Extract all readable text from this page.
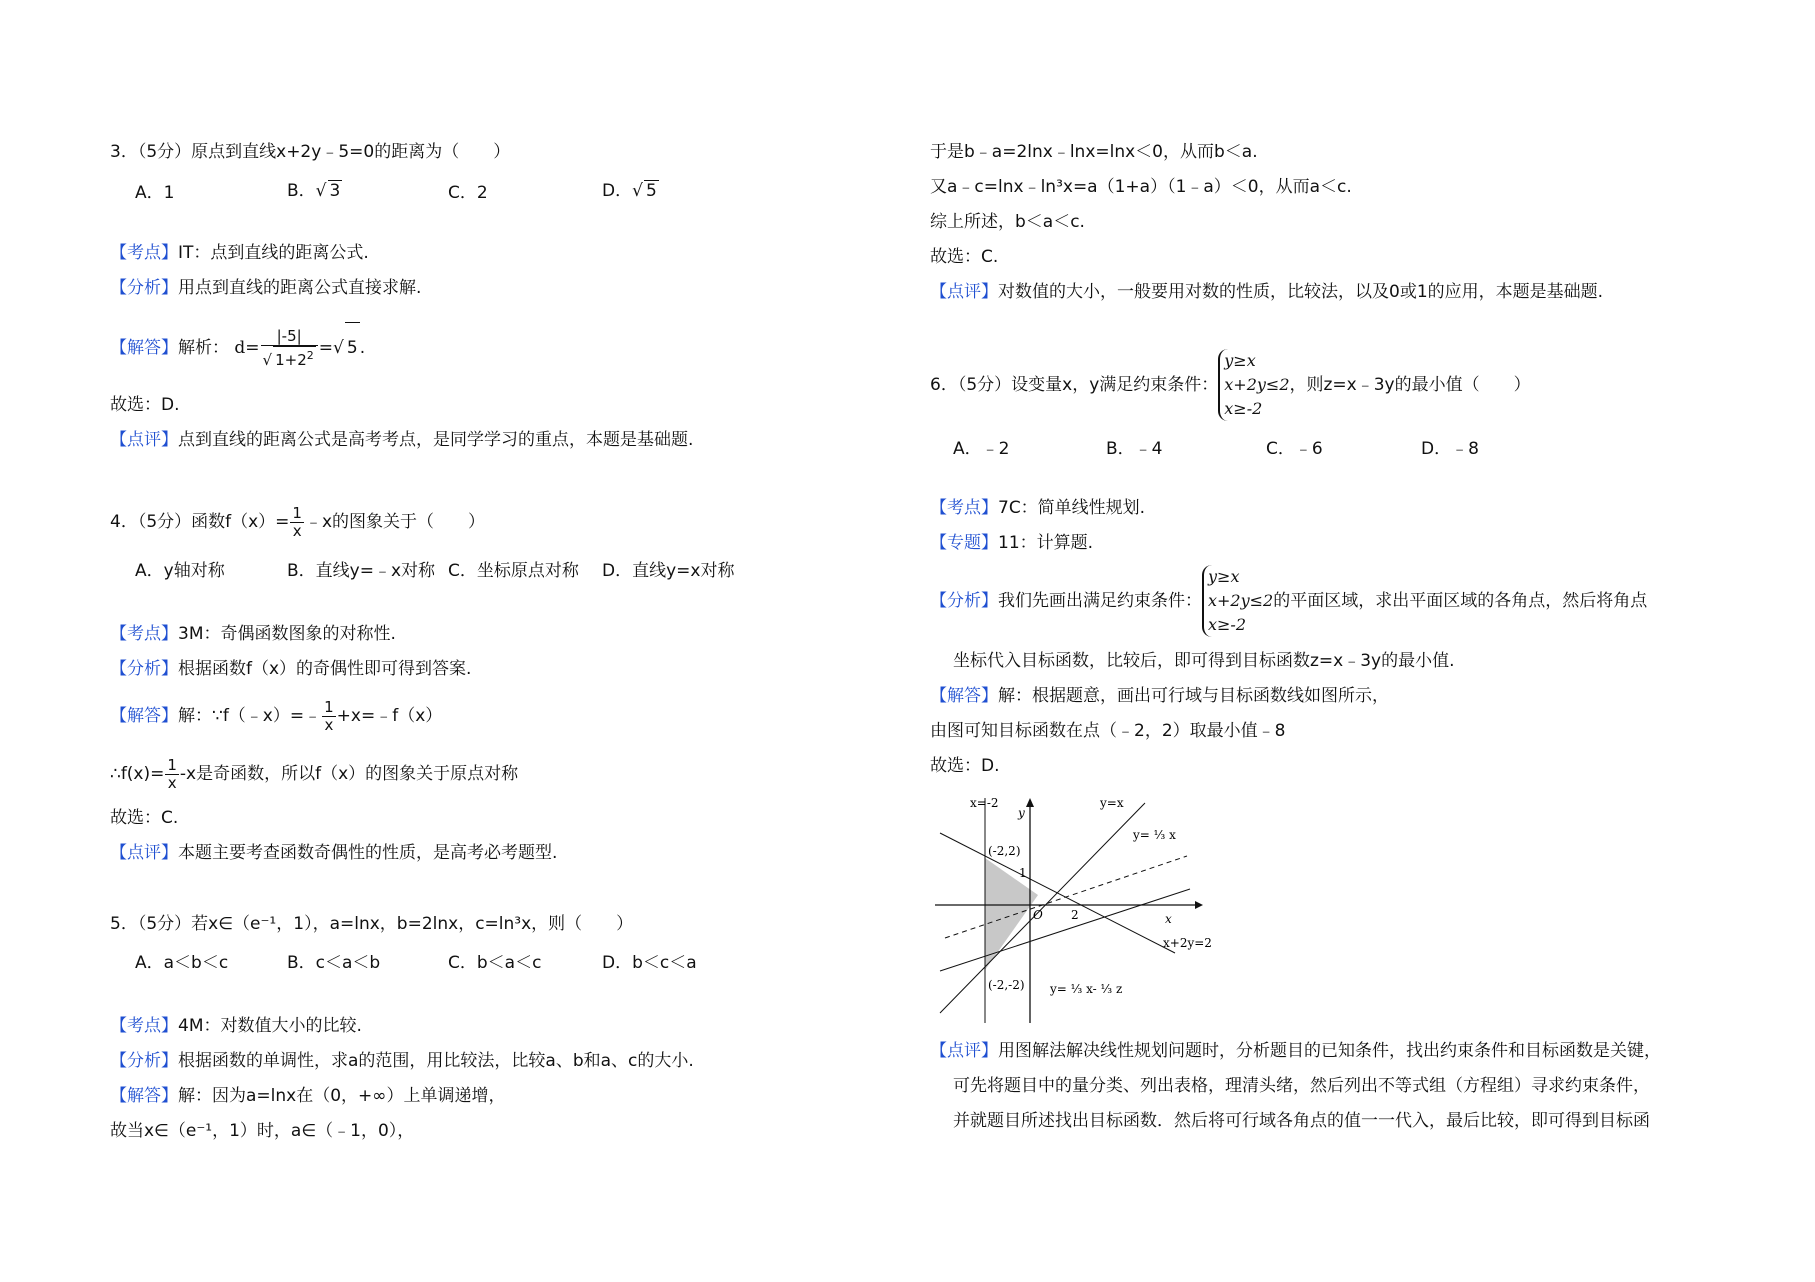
3．（5分）原点到直线x+2y﹣5=0的距离为（　　）
A．1	B．√ 3	C．2	D．√ 5
【考点】IT：点到直线的距离公式.
【分析】用点到直线的距离公式直接求解.
【解答】解析： $d= \frac{|-5|}{√ 1+2^2}$ =√ 5 .
故选：D.
【点评】点到直线的距离公式是高考考点，是同学学习的重点，本题是基础题.
4．（5分）函数$f(x)= \frac{1}{x}$ ﹣x的图象关于（　　）
A．y轴对称	B．直线y=﹣x对称 C．坐标原点对称 D．直线y=x对称
【考点】3M：奇偶函数图象的对称性.
【分析】根据函数f（x）的奇偶性即可得到答案.
【解答】解：∵f（﹣x）=﹣ $\frac{1}{x}$ +x=﹣f（x）
∴f(x)= $\frac{1}{x} -x$是奇函数，所以f（x）的图象关于原点对称
故选：C.
【点评】本题主要考查函数奇偶性的性质，是高考必考题型.
5．（5分）若x∈（e⁻¹，1），a=lnx，b=2lnx，c=ln³x，则（　　）
A．a＜b＜c	B．c＜a＜b	C．b＜a＜c	D．b＜c＜a
【考点】4M：对数值大小的比较.
【分析】根据函数的单调性，求a的范围，用比较法，比较a、b和a、c的大小.
【解答】解：因为a=lnx在（0，+∞）上单调递增，
故当x∈（e⁻¹，1）时，a∈（﹣1，0），
于是b﹣a=2lnx﹣lnx=lnx＜0，从而b＜a.
又a﹣c=lnx﹣ln³x=a（1+a）（1﹣a）＜0，从而a＜c.
综上所述，b＜a＜c.
故选：C.
【点评】对数值的大小，一般要用对数的性质，比较法，以及0或1的应用，本题是基础题.
6．（5分）设变量x，y满足约束条件：
y≥x
x+2y≤2
x≥-2
，则z=x﹣3y的最小值（　　）
A．﹣2	B．﹣4	C．﹣6	D．﹣8
【考点】7C：简单线性规划.
【专题】11：计算题.
【分析】我们先画出满足约束条件：
y≥x
x+2y≤2
x≥-2
的平面区域，求出平面区域的各角点，然后将角点
坐标代入目标函数，比较后，即可得到目标函数z=x﹣3y的最小值.
【解答】解：根据题意，画出可行域与目标函数线如图所示，
由图可知目标函数在点（﹣2，2）取最小值﹣8
故选：D.
x=-2	y=x
y
x
O
(-2,2)
(-2,-2)
1
2
y= ⅓ x
x+2y=2
y= ⅓ x- ⅓ z
【点评】用图解法解决线性规划问题时，分析题目的已知条件，找出约束条件和目标函数是关键，
可先将题目中的量分类、列出表格，理清头绪，然后列出不等式组（方程组）寻求约束条件，
并就题目所述找出目标函数．然后将可行域各角点的值一一代入，最后比较，即可得到目标函
